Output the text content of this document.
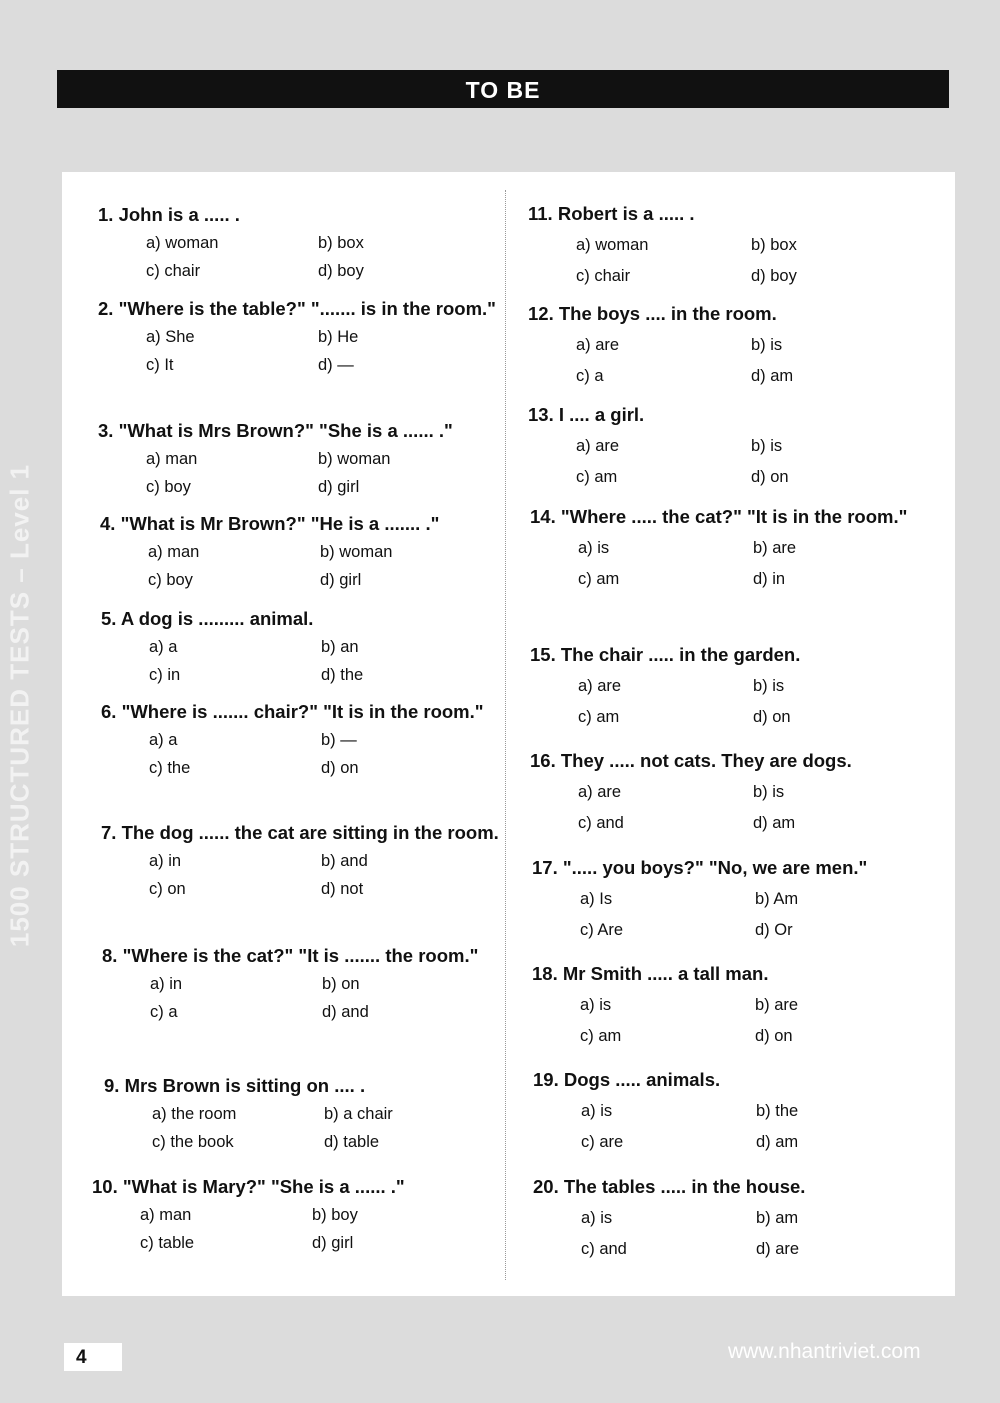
TO BE
1500 STRUCTURED TESTS – Level 1

1. John is a ..... .

a) woman	b) box
c) chair	d) boy

2. "Where is the table?" "....... is in the room."

a) She	b) He
c) It	d) —

3. "What is Mrs Brown?" "She is a ...... ."

a) man	b) woman
c) boy	d) girl

4. "What is Mr Brown?" "He is a ....... ."

a) man	b) woman
c) boy	d) girl

5. A dog is ......... animal.

a) a	b) an
c) in	d) the

6. "Where is ....... chair?" "It is in the room."

a) a	b) —
c) the	d) on

7. The dog ...... the cat are sitting in the room.

a) in	b) and
c) on	d) not

8. "Where is the cat?" "It is ....... the room."

a) in	b) on
c) a	d) and

9. Mrs Brown is sitting on .... .

a) the room	b) a chair
c) the book	d) table

10. "What is Mary?" "She is a ...... ."

a) man	b) boy
c) table	d) girl

11. Robert is a ..... .

a) woman	b) box
c) chair	d) boy

12. The boys .... in the room.

a) are	b) is
c) a	d) am

13. I .... a girl.

a) are	b) is
c) am	d) on

14. "Where ..... the cat?" "It is in the room."

a) is	b) are
c) am	d) in

15. The chair ..... in the garden.

a) are	b) is
c) am	d) on

16. They ..... not cats. They are dogs.

a) are	b) is
c) and	d) am

17. "..... you boys?" "No, we are men."

a) Is	b) Am
c) Are	d) Or

18. Mr Smith ..... a tall man.

a) is	b) are
c) am	d) on

19. Dogs ..... animals.

a) is	b) the
c) are	d) am

20. The tables ..... in the house.

a) is	b) am
c) and	d) are
4	www.nhantriviet.com
